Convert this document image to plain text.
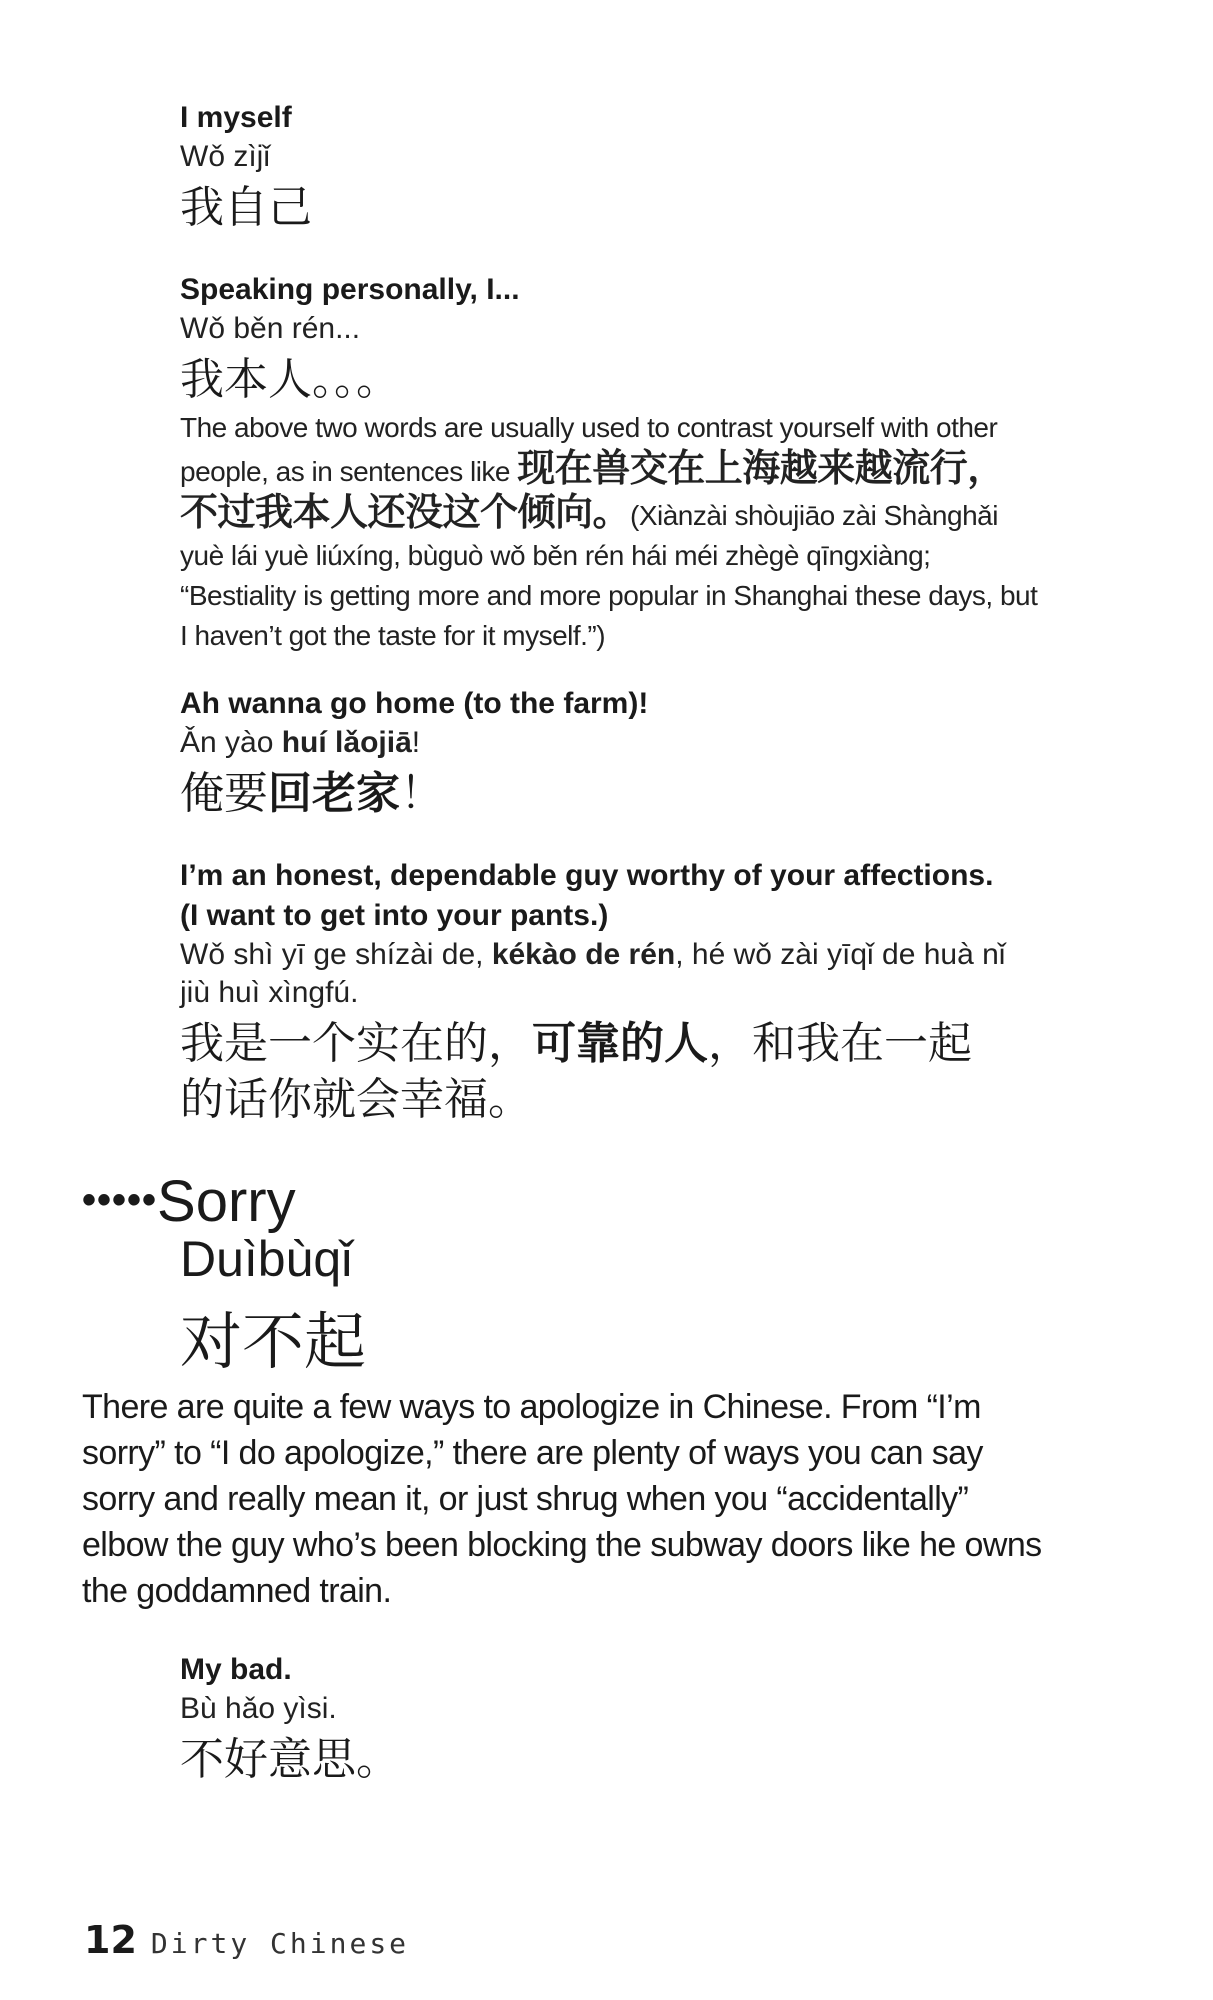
I myself
Wǒ zìjǐ
我自己
Speaking personally, I...
Wǒ běn rén...
我本人。。。
The above two words are usually used to contrast yourself with other people, as in sentences like 现在兽交在上海越来越流行，不过我本人还没这个倾向。(Xiànzài shòujiāo zài Shànghǎi yuè lái yuè liúxíng, bùguò wǒ běn rén hái méi zhègè qīngxiàng; “Bestiality is getting more and more popular in Shanghai these days, but I haven’t got the taste for it myself.”)
Ah wanna go home (to the farm)!
Ǎn yào huí lǎojiā!
俺要回老家！
I’m an honest, dependable guy worthy of your affections. (I want to get into your pants.)
Wǒ shì yī ge shízài de, kékào de rén, hé wǒ zài yīqǐ de huà nǐ jiù huì xìngfú.
我是一个实在的，可靠的人，和我在一起的话你就会幸福。
•••••Sorry
Duìbùqǐ
对不起
There are quite a few ways to apologize in Chinese. From “I’m sorry” to “I do apologize,” there are plenty of ways you can say sorry and really mean it, or just shrug when you “accidentally” elbow the guy who’s been blocking the subway doors like he owns the goddamned train.
My bad.
Bù hǎo yìsi.
不好意思。
12 Dirty Chinese
